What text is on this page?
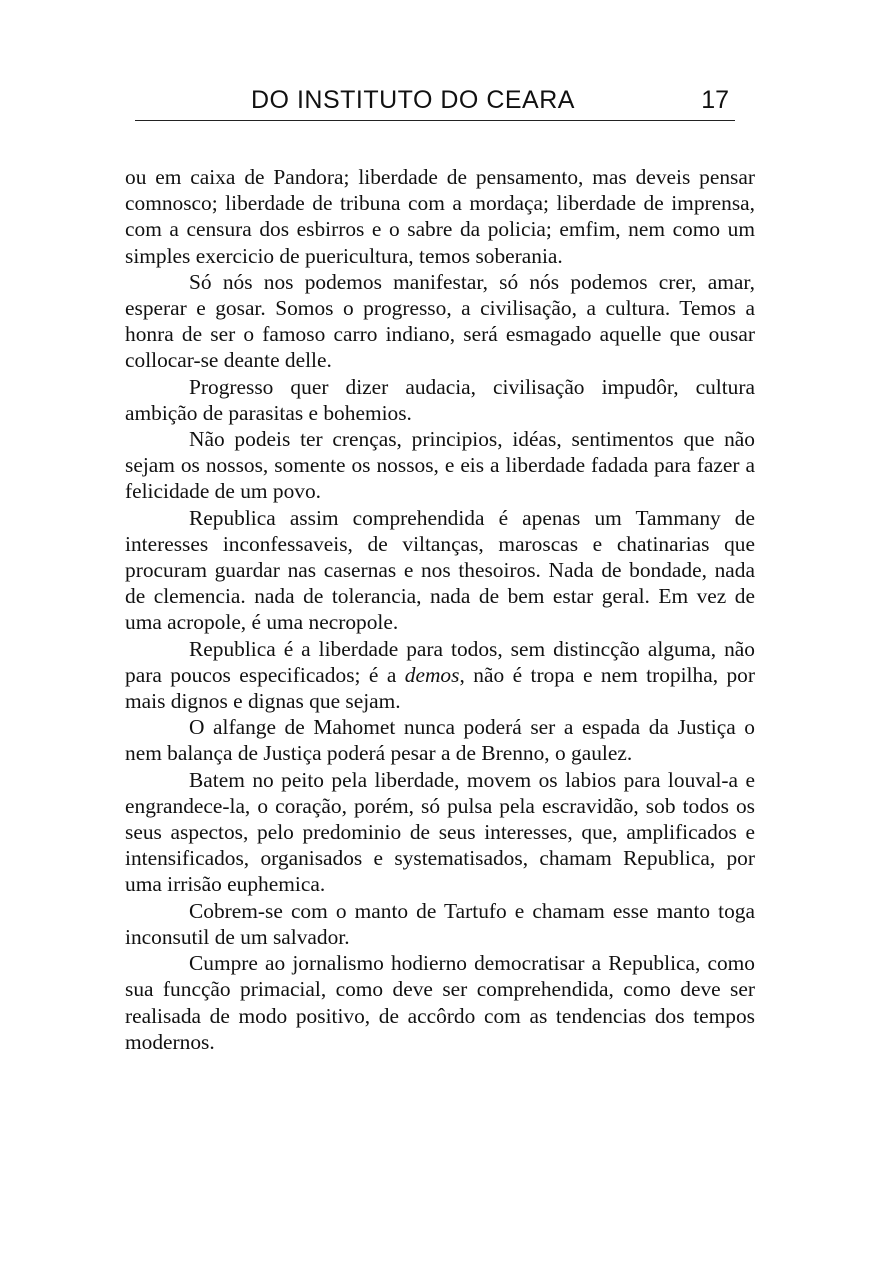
DO INSTITUTO DO CEARA	17

ou em caixa de Pandora; liberdade de pensamento, mas deveis pensar comnosco; liberdade de tribuna com a mordaça; liberdade de imprensa, com a censura dos esbirros e o sabre da policia; emfim, nem como um simples exercicio de puericultura, temos soberania.

Só nós nos podemos manifestar, só nós podemos crer, amar, esperar e gosar. Somos o progresso, a civilisação, a cultura. Temos a honra de ser o famoso carro indiano, será esmagado aquelle que ousar collocar-se deante delle.

Progresso quer dizer audacia, civilisação impudôr, cultura ambição de parasitas e bohemios.

Não podeis ter crenças, principios, idéas, sentimentos que não sejam os nossos, somente os nossos, e eis a liberdade fadada para fazer a felicidade de um povo.

Republica assim comprehendida é apenas um Tammany de interesses inconfessaveis, de viltanças, maroscas e chatinarias que procuram guardar nas casernas e nos thesoiros. Nada de bondade, nada de clemencia. nada de tolerancia, nada de bem estar geral. Em vez de uma acropole, é uma necropole.

Republica é a liberdade para todos, sem distincção alguma, não para poucos especificados; é a demos, não é tropa e nem tropilha, por mais dignos e dignas que sejam.

O alfange de Mahomet nunca poderá ser a espada da Justiça o nem balança de Justiça poderá pesar a de Brenno, o gaulez.

Batem no peito pela liberdade, movem os labios para louval-a e engrandece-la, o coração, porém, só pulsa pela escravidão, sob todos os seus aspectos, pelo predominio de seus interesses, que, amplificados e intensificados, organisados e systematisados, chamam Republica, por uma irrisão euphemica.

Cobrem-se com o manto de Tartufo e chamam esse manto toga inconsutil de um salvador.

Cumpre ao jornalismo hodierno democratisar a Republica, como sua funcção primacial, como deve ser comprehendida, como deve ser realisada de modo positivo, de accôrdo com as tendencias dos tempos modernos.
